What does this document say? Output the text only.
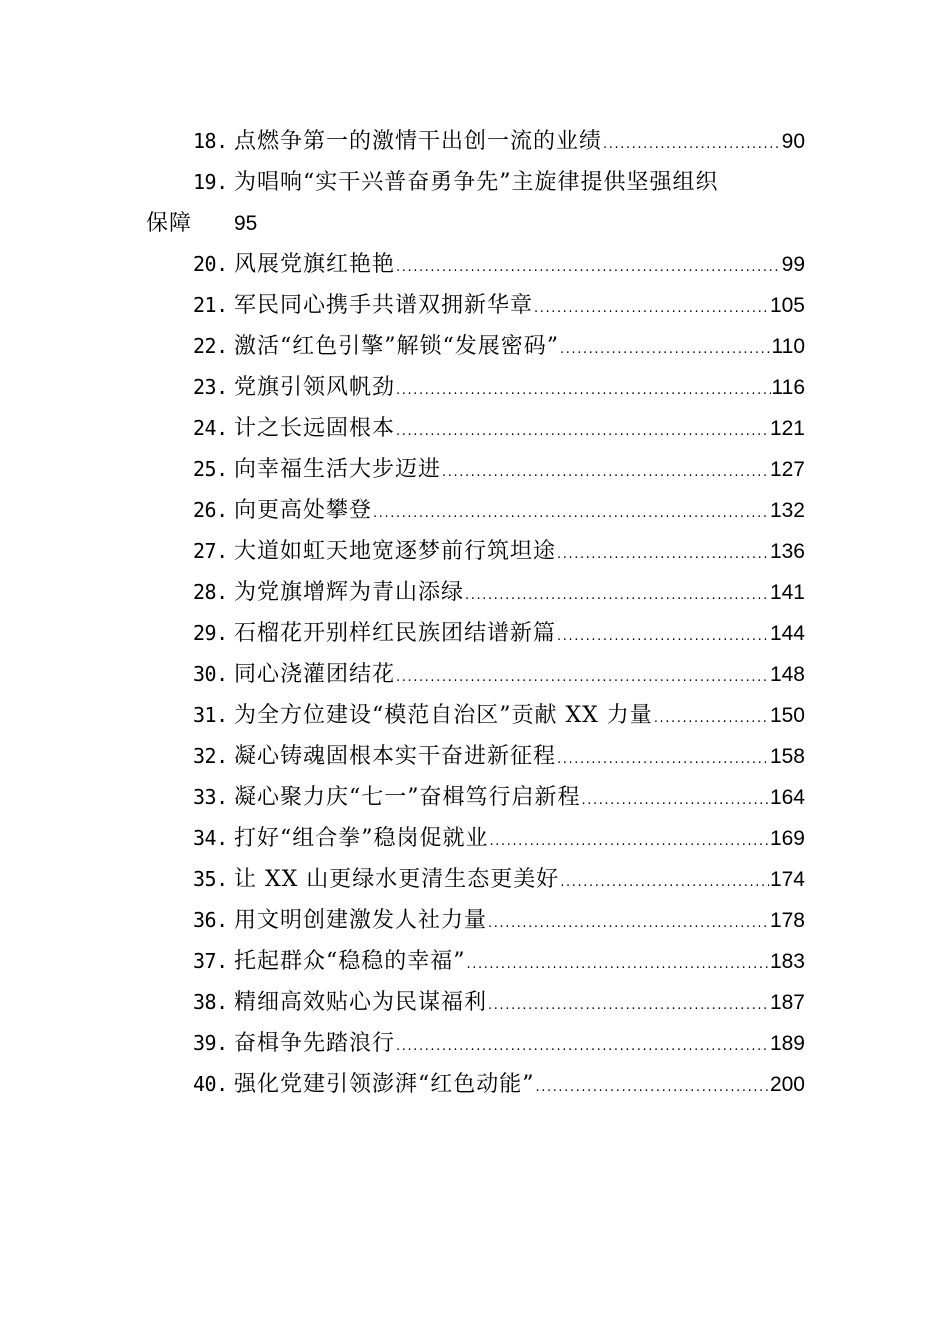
18. 点燃争第一的激情干出创一流的业绩 .....	90
19. 为唱响“实干兴普奋勇争先”主旋律提供坚强组织
保障 95
20. 风展党旗红艳艳 .....	99
21. 军民同心携手共谱双拥新华章 .....	105
22. 激活“红色引擎”解锁“发展密码” .....	110
23. 党旗引领风帆劲 .....	116
24. 计之长远固根本 .....	121
25. 向幸福生活大步迈进 .....	127
26. 向更高处攀登 .....	132
27. 大道如虹天地宽逐梦前行筑坦途 .....	136
28. 为党旗增辉为青山添绿 .....	141
29. 石榴花开别样红民族团结谱新篇 .....	144
30. 同心浇灌团结花 .....	148
31. 为全方位建设“模范自治区”贡献 XX 力量 .....	150
32. 凝心铸魂固根本实干奋进新征程 .....	158
33. 凝心聚力庆“七一”奋楫笃行启新程 .....	164
34. 打好“组合拳”稳岗促就业 .....	169
35. 让 XX 山更绿水更清生态更美好 .....	174
36. 用文明创建激发人社力量 .....	178
37. 托起群众“稳稳的幸福” .....	183
38. 精细高效贴心为民谋福利 .....	187
39. 奋楫争先踏浪行 .....	189
40. 强化党建引领澎湃“红色动能” .....	200
